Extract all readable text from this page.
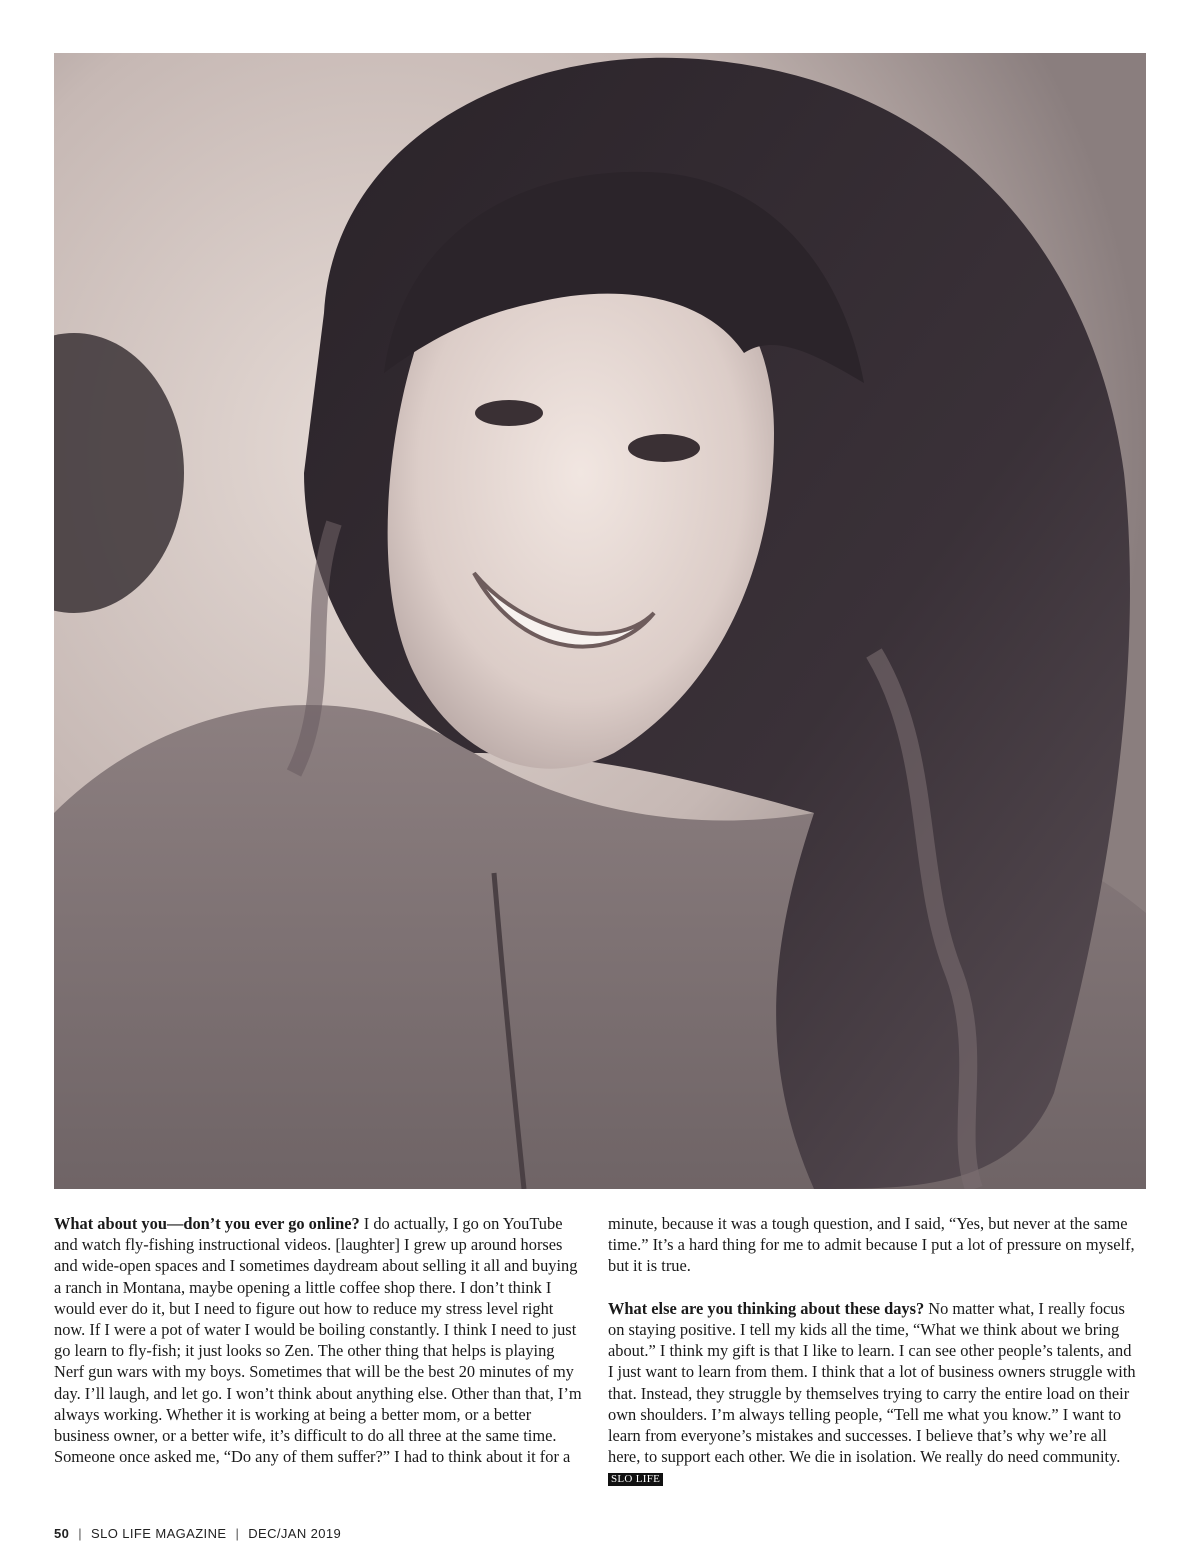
What about you—don’t you ever go online? I do actually, I go on YouTube and watch fly-fishing instructional videos. [laughter] I grew up around horses and wide-open spaces and I sometimes daydream about selling it all and buying a ranch in Montana, maybe opening a little coffee shop there. I don’t think I would ever do it, but I need to figure out how to reduce my stress level right now. If I were a pot of water I would be boiling constantly. I think I need to just go learn to fly-fish; it just looks so Zen. The other thing that helps is playing Nerf gun wars with my boys. Sometimes that will be the best 20 minutes of my day. I’ll laugh, and let go. I won’t think about anything else. Other than that, I’m always working. Whether it is working at being a better mom, or a better business owner, or a better wife, it’s difficult to do all three at the same time. Someone once asked me, “Do any of them suffer?” I had to think about it for a

minute, because it was a tough question, and I said, “Yes, but never at the same time.” It’s a hard thing for me to admit because I put a lot of pressure on myself, but it is true.

What else are you thinking about these days? No matter what, I really focus on staying positive. I tell my kids all the time, “What we think about we bring about.” I think my gift is that I like to learn. I can see other people’s talents, and I just want to learn from them. I think that a lot of business owners struggle with that. Instead, they struggle by themselves trying to carry the entire load on their own shoulders. I’m always telling people, “Tell me what you know.” I want to learn from everyone’s mistakes and successes. I believe that’s why we’re all here, to support each other. We die in isolation. We really do need community. SLO LIFE

50 | SLO LIFE MAGAZINE | DEC/JAN 2019
